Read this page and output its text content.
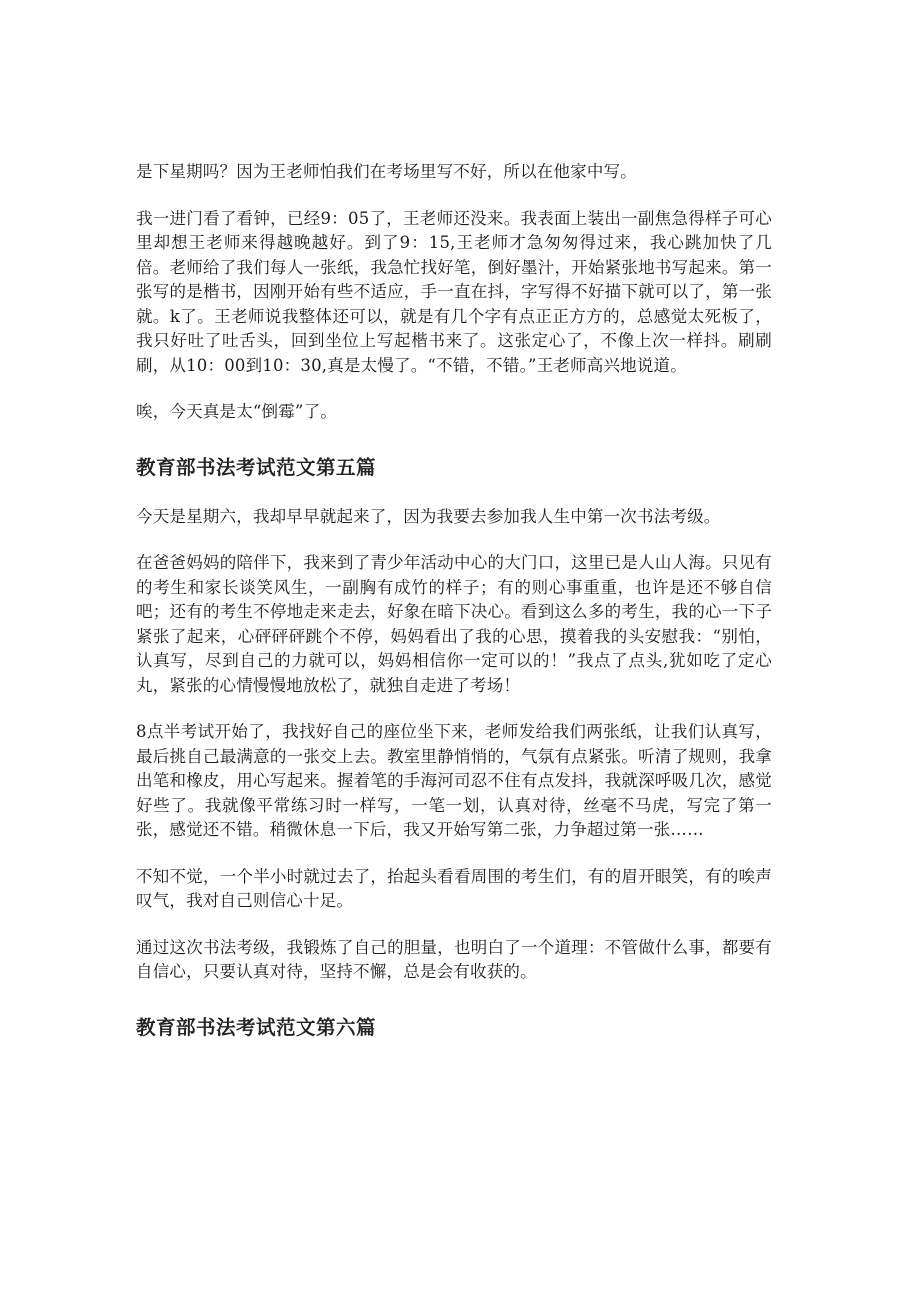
是下星期吗？因为王老师怕我们在考场里写不好，所以在他家中写。

我一进门看了看钟，已经9：05了，王老师还没来。我表面上装出一副焦急得样子可心里却想王老师来得越晚越好。到了9：15,王老师才急匆匆得过来，我心跳加快了几倍。老师给了我们每人一张纸，我急忙找好笔，倒好墨汁，开始紧张地书写起来。第一张写的是楷书，因刚开始有些不适应，手一直在抖，字写得不好描下就可以了，第一张就。k了。王老师说我整体还可以，就是有几个字有点正正方方的，总感觉太死板了，我只好吐了吐舌头，回到坐位上写起楷书来了。这张定心了，不像上次一样抖。刷刷刷，从10：00到10：30,真是太慢了。“不错，不错。”王老师高兴地说道。

唉，今天真是太“倒霉”了。

教育部书法考试范文第五篇

今天是星期六，我却早早就起来了，因为我要去参加我人生中第一次书法考级。

在爸爸妈妈的陪伴下，我来到了青少年活动中心的大门口，这里已是人山人海。只见有的考生和家长谈笑风生，一副胸有成竹的样子；有的则心事重重，也许是还不够自信吧；还有的考生不停地走来走去，好象在暗下决心。看到这么多的考生，我的心一下子紧张了起来，心砰砰砰跳个不停，妈妈看出了我的心思，摸着我的头安慰我：“别怕，认真写，尽到自己的力就可以，妈妈相信你一定可以的！”我点了点头,犹如吃了定心丸，紧张的心情慢慢地放松了，就独自走进了考场！

8点半考试开始了，我找好自己的座位坐下来，老师发给我们两张纸，让我们认真写，最后挑自己最满意的一张交上去。教室里静悄悄的，气氛有点紧张。听清了规则，我拿出笔和橡皮，用心写起来。握着笔的手海河司忍不住有点发抖，我就深呼吸几次，感觉好些了。我就像平常练习时一样写，一笔一划，认真对待，丝毫不马虎，写完了第一张，感觉还不错。稍微休息一下后，我又开始写第二张，力争超过第一张……

不知不觉，一个半小时就过去了，抬起头看看周围的考生们，有的眉开眼笑，有的唉声叹气，我对自己则信心十足。

通过这次书法考级，我锻炼了自己的胆量，也明白了一个道理：不管做什么事，都要有自信心，只要认真对待，坚持不懈，总是会有收获的。

教育部书法考试范文第六篇
